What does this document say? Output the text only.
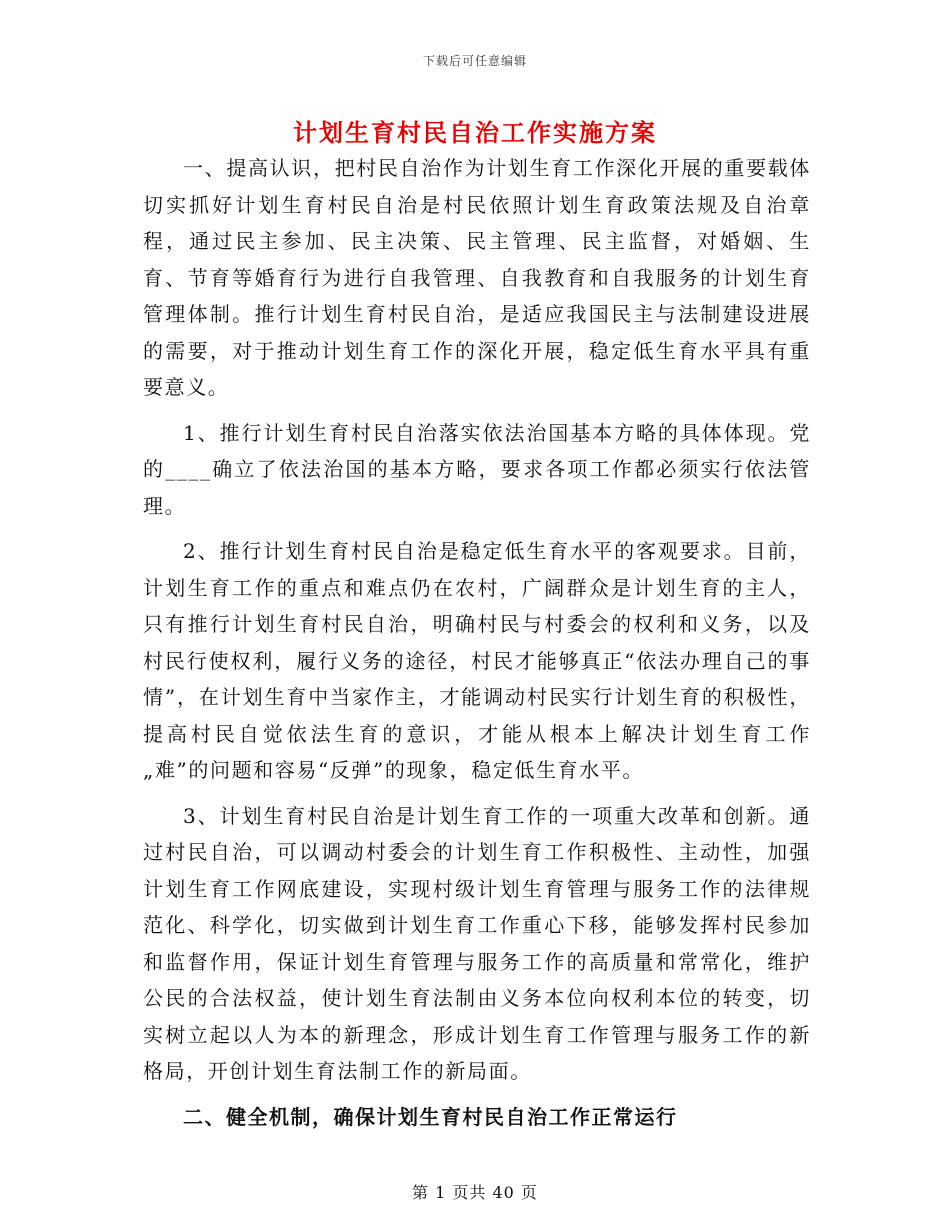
下载后可任意编辑
计划生育村民自治工作实施方案

一、提高认识，把村民自治作为计划生育工作深化开展的重要载体切实抓好计划生育村民自治是村民依照计划生育政策法规及自治章程，通过民主参加、民主决策、民主管理、民主监督，对婚姻、生育、节育等婚育行为进行自我管理、自我教育和自我服务的计划生育管理体制。推行计划生育村民自治，是适应我国民主与法制建设进展的需要，对于推动计划生育工作的深化开展，稳定低生育水平具有重要意义。

1、推行计划生育村民自治落实依法治国基本方略的具体体现。党的____确立了依法治国的基本方略，要求各项工作都必须实行依法管理。

2、推行计划生育村民自治是稳定低生育水平的客观要求。目前，计划生育工作的重点和难点仍在农村，广阔群众是计划生育的主人，只有推行计划生育村民自治，明确村民与村委会的权利和义务，以及村民行使权利，履行义务的途径，村民才能够真正“依法办理自己的事情”，在计划生育中当家作主，才能调动村民实行计划生育的积极性，提高村民自觉依法生育的意识，才能从根本上解决计划生育工作„难”的问题和容易“反弹”的现象，稳定低生育水平。

3、计划生育村民自治是计划生育工作的一项重大改革和创新。通过村民自治，可以调动村委会的计划生育工作积极性、主动性，加强计划生育工作网底建设，实现村级计划生育管理与服务工作的法律规范化、科学化，切实做到计划生育工作重心下移，能够发挥村民参加和监督作用，保证计划生育管理与服务工作的高质量和常常化，维护公民的合法权益，使计划生育法制由义务本位向权利本位的转变，切实树立起以人为本的新理念，形成计划生育工作管理与服务工作的新格局，开创计划生育法制工作的新局面。

二、健全机制，确保计划生育村民自治工作正常运行

第 1 页共 40 页
